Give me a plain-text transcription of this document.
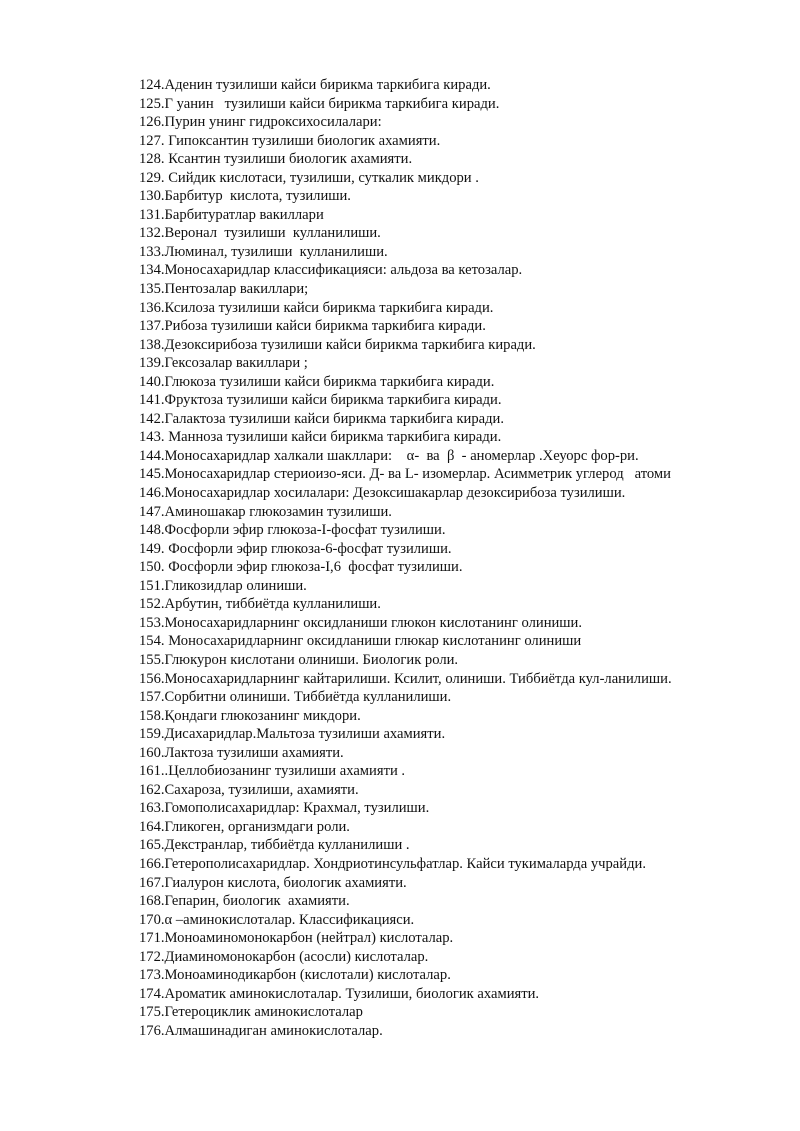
124.Аденин тузилиши кайси бирикма таркибига киради.
125.Г уанин   тузилиши кайси бирикма таркибига киради.
126.Пурин унинг гидроксихосилалари:
127. Гипоксантин тузилиши биологик ахамияти.
128. Ксантин тузилиши биологик ахамияти.
129. Сийдик кислотаси, тузилиши, суткалик микдори .
130.Барбитур  кислота, тузилиши.
131.Барбитуратлар вакиллари
132.Веронал  тузилиши  кулланилиши.
133.Люминал, тузилиши  кулланилиши.
134.Моносахаридлар классификацияси: альдоза ва кетозалар.
135.Пентозалар вакиллари;
136.Ксилоза тузилиши кайси бирикма таркибига киради.
137.Рибоза тузилиши кайси бирикма таркибига киради.
138.Дезоксирибоза тузилиши кайси бирикма таркибига киради.
139.Гексозалар вакиллари ;
140.Глюкоза тузилиши кайси бирикма таркибига киради.
141.Фруктоза тузилиши кайси бирикма таркибига киради.
142.Галактоза тузилиши кайси бирикма таркибига киради.
143. Манноза тузилиши кайси бирикма таркибига киради.
144.Моносахаридлар халкали шакллари:    α-  ва  β  - аномерлар .Хеуорс фор-ри.
145.Моносахаридлар стериоизо-яси. Д- ва L- изомерлар. Асимметрик углерод   атоми
146.Моносахаридлар хосилалари: Дезоксишакарлар дезоксирибоза тузилиши.
147.Аминошакар глюкозамин тузилиши.
148.Фосфорли эфир глюкоза-I-фосфат тузилиши.
149. Фосфорли эфир глюкоза-6-фосфат тузилиши.
150. Фосфорли эфир глюкоза-I,6  фосфат тузилиши.
151.Гликозидлар олиниши.
152.Арбутин, тиббиётда кулланилиши.
153.Моносахаридларнинг оксидланиши глюкон кислотанинг олиниши.
154. Моносахаридларнинг оксидланиши глюкар кислотанинг олиниши
155.Глюкурон кислотани олиниши. Биологик роли.
156.Моносахаридларнинг кайтарилиши. Ксилит, олиниши. Тиббиётда кул-ланилиши.
157.Сорбитни олиниши. Тиббиётда кулланилиши.
158.Қондаги глюкозанинг микдори.
159.Дисахаридлар.Мальтоза тузилиши ахамияти.
160.Лактоза тузилиши ахамияти.
161..Целлобиозанинг тузилиши ахамияти .
162.Сахароза, тузилиши, ахамияти.
163.Гомополисахаридлар: Крахмал, тузилиши.
164.Гликоген, организмдаги роли.
165.Декстранлар, тиббиётда кулланилиши .
166.Гетерополисахаридлар. Хондриотинсульфатлар. Кайси тукималарда учрайди.
167.Гиалурон кислота, биологик ахамияти.
168.Гепарин, биологик  ахамияти.
170.α –аминокислоталар. Классификацияси.
171.Моноаминомонокарбон (нейтрал) кислоталар.
172.Диаминомонокарбон (асосли) кислоталар.
173.Моноаминодикарбон (кислотали) кислоталар.
174.Ароматик аминокислоталар. Тузилиши, биологик ахамияти.
175.Гетероциклик аминокислоталар
176.Алмашинадиган аминокислоталар.
